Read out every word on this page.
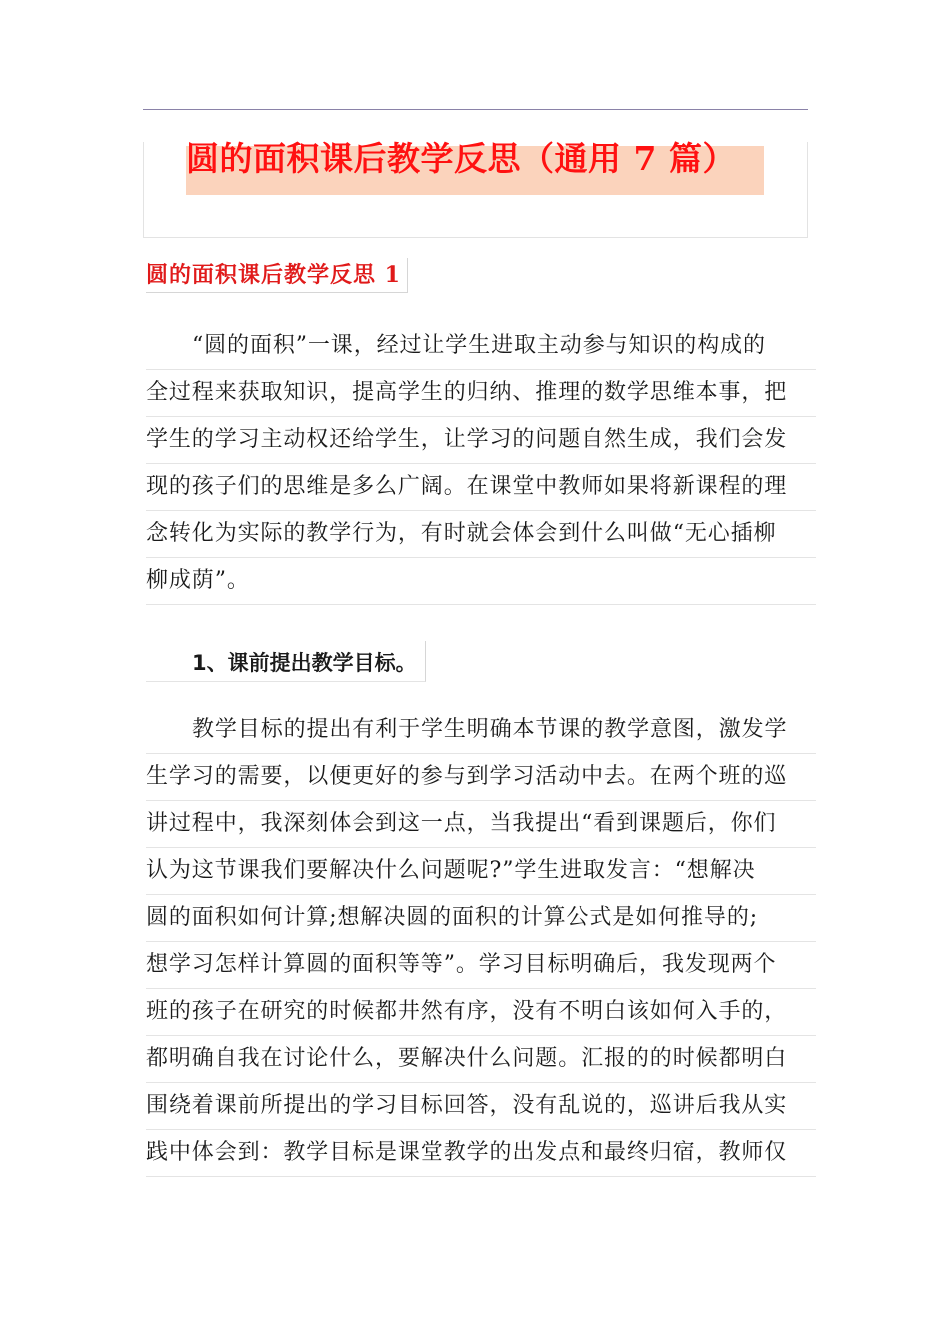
圆的面积课后教学反思（通用 7 篇）
圆的面积课后教学反思 1
“圆的面积”一课，经过让学生进取主动参与知识的构成的
全过程来获取知识，提高学生的归纳、推理的数学思维本事，把
学生的学习主动权还给学生，让学习的问题自然生成，我们会发
现的孩子们的思维是多么广阔。在课堂中教师如果将新课程的理
念转化为实际的教学行为，有时就会体会到什么叫做“无心插柳
柳成荫”。
1、课前提出教学目标。
教学目标的提出有利于学生明确本节课的教学意图，激发学
生学习的需要，以便更好的参与到学习活动中去。在两个班的巡
讲过程中，我深刻体会到这一点，当我提出“看到课题后，你们
认为这节课我们要解决什么问题呢?”学生进取发言：“想解决
圆的面积如何计算;想解决圆的面积的计算公式是如何推导的;
想学习怎样计算圆的面积等等”。学习目标明确后，我发现两个
班的孩子在研究的时候都井然有序，没有不明白该如何入手的，
都明确自我在讨论什么，要解决什么问题。汇报的的时候都明白
围绕着课前所提出的学习目标回答，没有乱说的，巡讲后我从实
践中体会到：教学目标是课堂教学的出发点和最终归宿，教师仅
